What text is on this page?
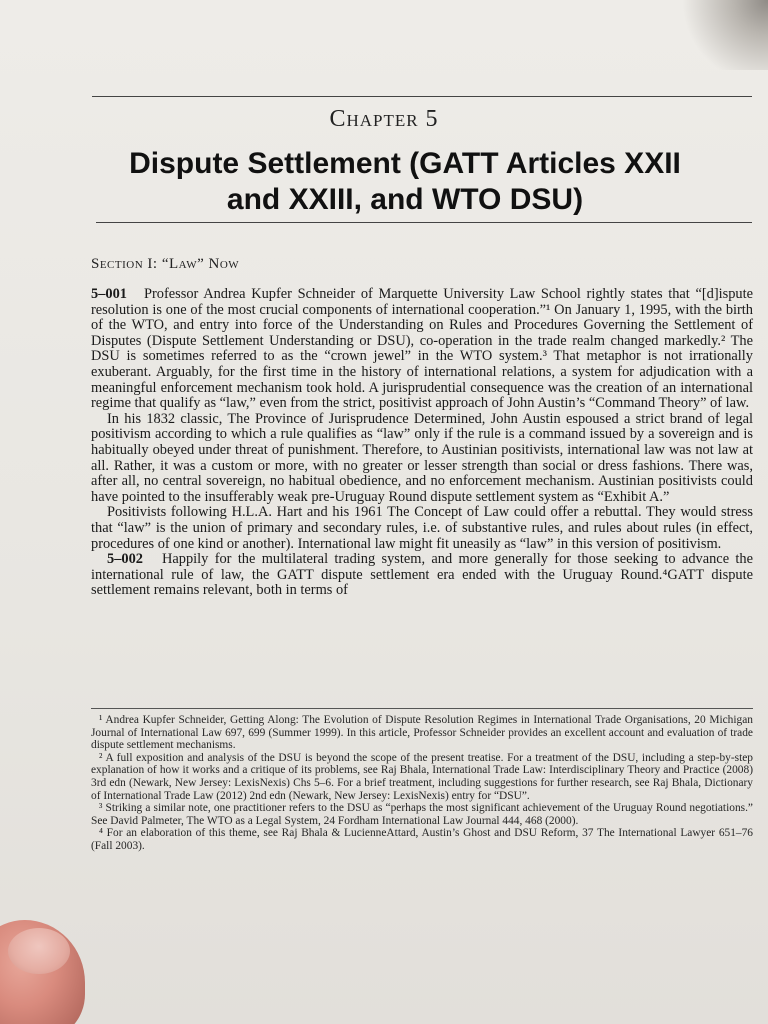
Chapter 5
Dispute Settlement (GATT Articles XXII
and XXIII, and WTO DSU)
Section I: “Law” Now

5–001 Professor Andrea Kupfer Schneider of Marquette University Law School rightly states that “[d]ispute resolution is one of the most crucial components of international cooperation.”¹ On January 1, 1995, with the birth of the WTO, and entry into force of the Understanding on Rules and Procedures Governing the Settlement of Disputes (Dispute Settlement Understanding or DSU), co-operation in the trade realm changed markedly.² The DSU is sometimes referred to as the “crown jewel” in the WTO system.³ That metaphor is not irrationally exuberant. Arguably, for the first time in the history of international relations, a system for adjudication with a meaningful enforcement mechanism took hold. A jurisprudential consequence was the creation of an international regime that qualify as “law,” even from the strict, positivist approach of John Austin’s “Command Theory” of law.

In his 1832 classic, The Province of Jurisprudence Determined, John Austin espoused a strict brand of legal positivism according to which a rule qualifies as “law” only if the rule is a command issued by a sovereign and is habitually obeyed under threat of punishment. Therefore, to Austinian positivists, international law was not law at all. Rather, it was a custom or more, with no greater or lesser strength than social or dress fashions. There was, after all, no central sovereign, no habitual obedience, and no enforcement mechanism. Austinian positivists could have pointed to the insufferably weak pre-Uruguay Round dispute settlement system as “Exhibit A.”

Positivists following H.L.A. Hart and his 1961 The Concept of Law could offer a rebuttal. They would stress that “law” is the union of primary and secondary rules, i.e. of substantive rules, and rules about rules (in effect, procedures of one kind or another). International law might fit uneasily as “law” in this version of positivism.

5–002 Happily for the multilateral trading system, and more generally for those seeking to advance the international rule of law, the GATT dispute settlement era ended with the Uruguay Round.⁴GATT dispute settlement remains relevant, both in terms of

¹ Andrea Kupfer Schneider, Getting Along: The Evolution of Dispute Resolution Regimes in International Trade Organisations, 20 Michigan Journal of International Law 697, 699 (Summer 1999). In this article, Professor Schneider provides an excellent account and evaluation of trade dispute settlement mechanisms.

² A full exposition and analysis of the DSU is beyond the scope of the present treatise. For a treatment of the DSU, including a step-by-step explanation of how it works and a critique of its problems, see Raj Bhala, International Trade Law: Interdisciplinary Theory and Practice (2008) 3rd edn (Newark, New Jersey: LexisNexis) Chs 5–6. For a brief treatment, including suggestions for further research, see Raj Bhala, Dictionary of International Trade Law (2012) 2nd edn (Newark, New Jersey: LexisNexis) entry for “DSU”.

³ Striking a similar note, one practitioner refers to the DSU as “perhaps the most significant achievement of the Uruguay Round negotiations.” See David Palmeter, The WTO as a Legal System, 24 Fordham International Law Journal 444, 468 (2000).

⁴ For an elaboration of this theme, see Raj Bhala & LucienneAttard, Austin’s Ghost and DSU Reform, 37 The International Lawyer 651–76 (Fall 2003).
